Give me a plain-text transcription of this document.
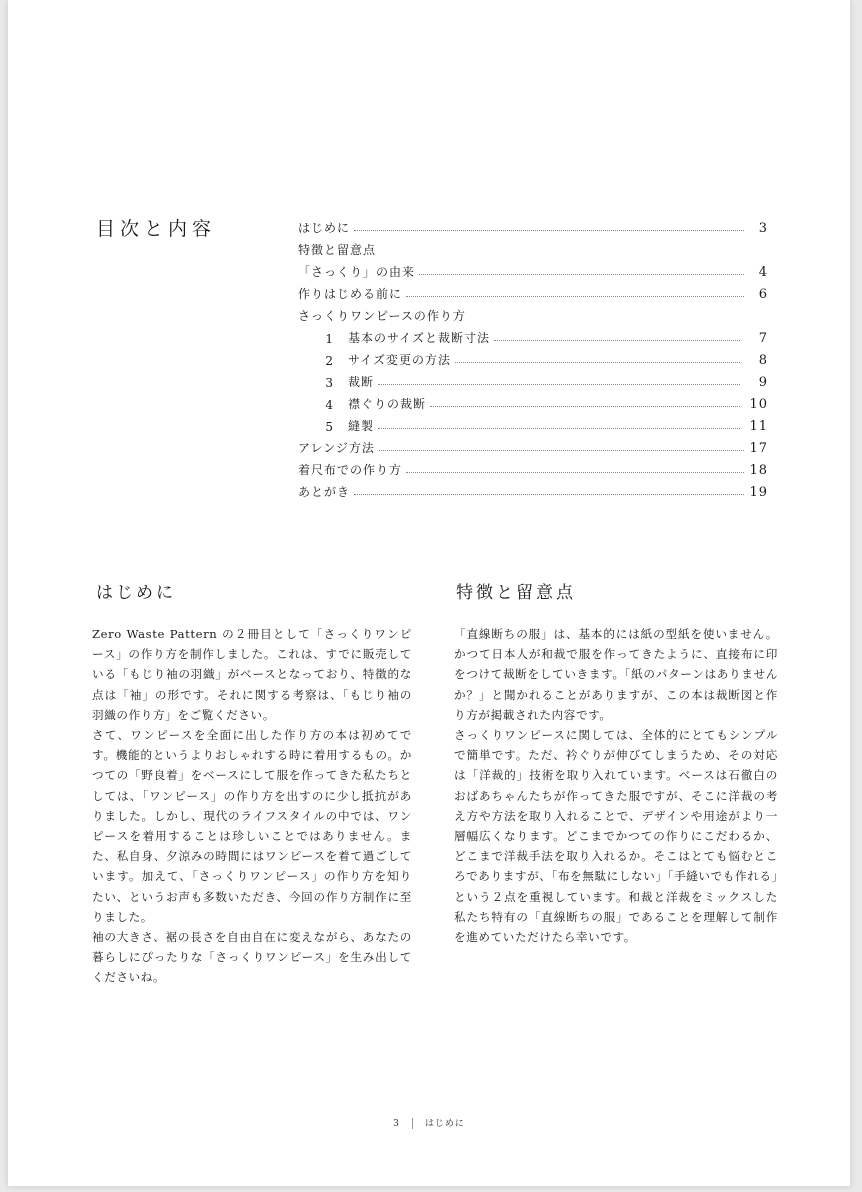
目次と内容	はじめに	3
特徴と留意点
「さっくり」の由来	4
作りはじめる前に	6
さっくりワンピースの作り方
1	基本のサイズと裁断寸法	7
2	サイズ変更の方法	8
3	裁断	9
4	襟ぐりの裁断	10
5	縫製	11
アレンジ方法	17
着尺布での作り方	18
あとがき	19
はじめに
Zero Waste Pattern の２冊目として「さっくりワンピース」の作り方を制作しました。これは、すでに販売している「もじり袖の羽織」がベースとなっており、特徴的な点は「袖」の形です。それに関する考察は、「もじり袖の羽織の作り方」をご覧ください。
さて、ワンピースを全面に出した作り方の本は初めてです。機能的というよりおしゃれする時に着用するもの。かつての「野良着」をベースにして服を作ってきた私たちとしては、「ワンピース」の作り方を出すのに少し抵抗がありました。しかし、現代のライフスタイルの中では、ワンピースを着用することは珍しいことではありません。また、私自身、夕涼みの時間にはワンピースを着て過ごしています。加えて、「さっくりワンピース」の作り方を知りたい、というお声も多数いただき、今回の作り方制作に至りました。
袖の大きさ、裾の長さを自由自在に変えながら、あなたの暮らしにぴったりな「さっくりワンピース」を生み出してくださいね。
特徴と留意点
「直線断ちの服」は、基本的には紙の型紙を使いません。かつて日本人が和裁で服を作ってきたように、直接布に印をつけて裁断をしていきます。「紙のパターンはありませんか？」と聞かれることがありますが、この本は裁断図と作り方が掲載された内容です。
さっくりワンピースに関しては、全体的にとてもシンプルで簡単です。ただ、衿ぐりが伸びてしまうため、その対応は「洋裁的」技術を取り入れています。ベースは石徹白のおばあちゃんたちが作ってきた服ですが、そこに洋裁の考え方や方法を取り入れることで、デザインや用途がより一層幅広くなります。どこまでかつての作りにこだわるか、どこまで洋裁手法を取り入れるか。そこはとても悩むところでありますが、「布を無駄にしない」「手縫いでも作れる」という２点を重視しています。和裁と洋裁をミックスした私たち特有の「直線断ちの服」であることを理解して制作を進めていただけたら幸いです。
3	はじめに
